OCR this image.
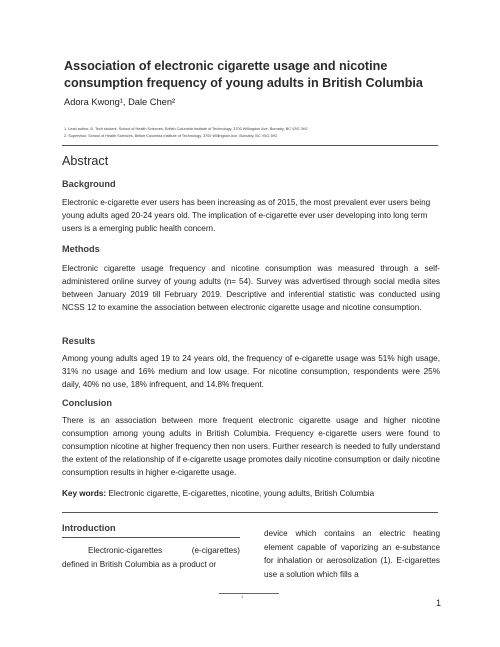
Association of electronic cigarette usage and nicotine consumption frequency of young adults in British Columbia

Adora Kwong¹, Dale Chen²

1. Lead author, B. Tech student, School of Health Sciences, British Columbia Institute of Technology, 3700 Willingdon Ave, Burnaby, BC V5G 3H2

2. Supervisor, School of Health Sciences, British Columbia Institute of Technology, 3700 Willingdon Ave, Burnaby, BC V5G 3H2

Abstract
Background

Electronic e-cigarette ever users has been increasing as of 2015, the most prevalent ever users being young adults aged 20-24 years old. The implication of e-cigarette ever user developing into long term users is a emerging public health concern.

Methods

Electronic cigarette usage frequency and nicotine consumption was measured through a self-administered online survey of young adults (n= 54). Survey was advertised through social media sites between January 2019 till February 2019. Descriptive and inferential statistic was conducted using NCSS 12 to examine the association between electronic cigarette usage and nicotine consumption.

Results

Among young adults aged 19 to 24 years old, the frequency of e-cigarette usage was 51% high usage, 31% no usage and 16% medium and low usage. For nicotine consumption, respondents were 25% daily, 40% no use, 18% infrequent, and 14.8% frequent.

Conclusion

There is an association between more frequent electronic cigarette usage and higher nicotine consumption among young adults in British Columbia. Frequency e-cigarette users were found to consumption nicotine at higher frequency then non users. Further research is needed to fully understand the extent of the relationship of if e-cigarette usage promotes daily nicotine consumption or daily nicotine consumption results in higher e-cigarette usage.

Key words: Electronic cigarette, E-cigarettes, nicotine, young adults, British Columbia

Introduction

Electronic-cigarettes (e-cigarettes) defined in British Columbia as a product or

device which contains an electric heating element capable of vaporizing an e-substance for inhalation or aerosolization (1). E-cigarettes use a solution which fills a

1

1
